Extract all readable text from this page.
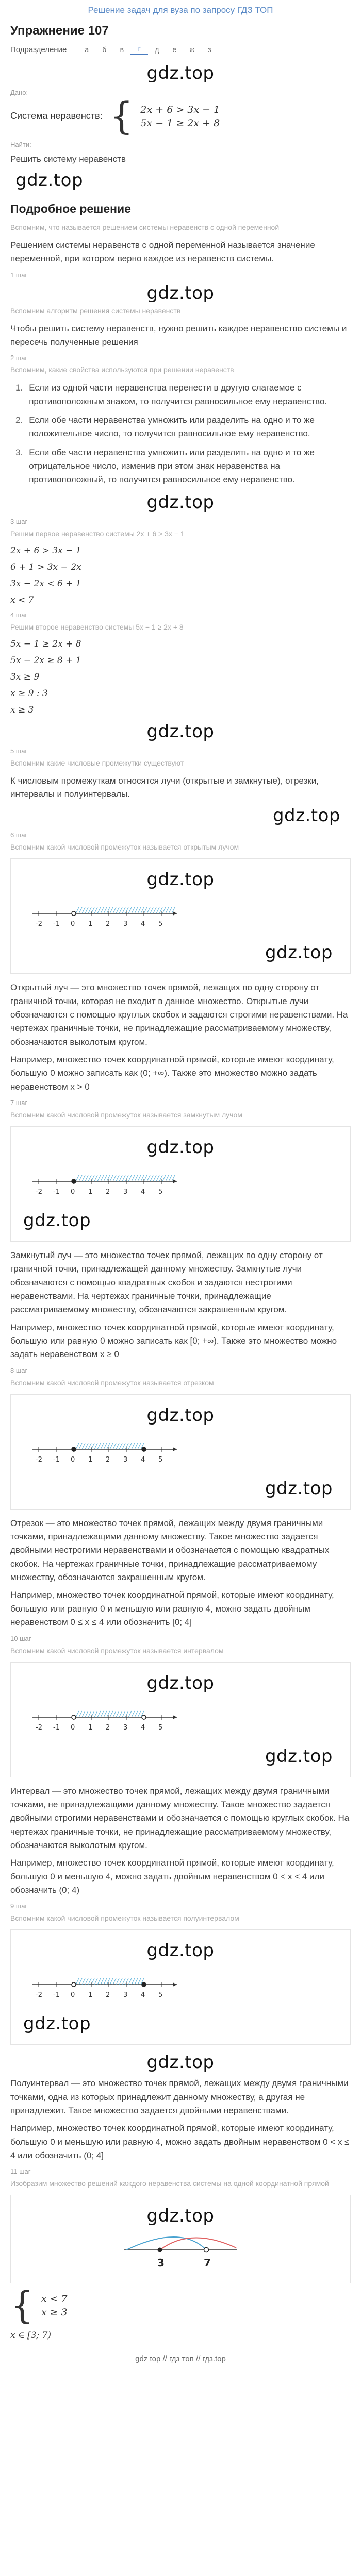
Решение задач для вуза по запросу ГДЗ ТОП
Упражнение 107
Подразделение	а	б	в	г	д	е	ж	з
gdz.top
Дано:
Система неравенств: { 2x + 6 > 3x − 1
5x − 1 ≥ 2x + 8
Найти:
Решить систему неравенств
gdz.top
Подробное решение
Вспомним, что называется решением системы неравенств с одной переменной
Решением системы неравенств с одной переменной называется значение переменной, при котором верно каждое из неравенств системы.
1 шаг
gdz.top
Вспомним алгоритм решения системы неравенств
Чтобы решить систему неравенств, нужно решить каждое неравенство системы и пересечь полученные решения
2 шаг
Вспомним, какие свойства используются при решении неравенств
1. Если из одной части неравенства перенести в другую слагаемое с противоположным знаком, то получится равносильное ему неравенство.
2. Если обе части неравенства умножить или разделить на одно и то же положительное число, то получится равносильное ему неравенство.
3. Если обе части неравенства умножить или разделить на одно и то же отрицательное число, изменив при этом знак неравенства на противоположный, то получится равносильное ему неравенство.
gdz.top
3 шаг
Решим первое неравенство системы 2x + 6 > 3x − 1
2x + 6 > 3x − 1
6 + 1 > 3x − 2x
3x − 2x < 6 + 1
x < 7
4 шаг
Решим второе неравенство системы 5x − 1 ≥ 2x + 8
5x − 1 ≥ 2x + 8
5x − 2x ≥ 8 + 1
3x ≥ 9
x ≥ 9 : 3
x ≥ 3
gdz.top
5 шаг
Вспомним какие числовые промежутки существуют
К числовым промежуткам относятся лучи (открытые и замкнутые), отрезки, интервалы и полуинтервалы.
gdz.top
6 шаг
Вспомним какой числовой промежуток называется открытым лучом
gdz.top
-2 -1 0 1 2 3 4 5
gdz.top
Открытый луч — это множество точек прямой, лежащих по одну сторону от граничной точки, которая не входит в данное множество. Открытые лучи обозначаются с помощью круглых скобок и задаются строгими неравенствами. На чертежах граничные точки, не принадлежащие рассматриваемому множеству, обозначаются выколотым кругом.
Например, множество точек координатной прямой, которые имеют координату, большую 0 можно записать как (0; +∞). Также это множество можно задать неравенством x > 0
7 шаг
Вспомним какой числовой промежуток называется замкнутым лучом
gdz.top
-2 -1 0 1 2 3 4 5
gdz.top
Замкнутый луч — это множество точек прямой, лежащих по одну сторону от граничной точки, принадлежащей данному множеству. Замкнутые лучи обозначаются с помощью квадратных скобок и задаются нестрогими неравенствами. На чертежах граничные точки, принадлежащие рассматриваемому множеству, обозначаются закрашенным кругом.
Например, множество точек координатной прямой, которые имеют координату, большую или равную 0 можно записать как [0; +∞). Также это множество можно задать неравенством x ≥ 0
8 шаг
Вспомним какой числовой промежуток называется отрезком
gdz.top
-2 -1 0 1 2 3 4 5
gdz.top
Отрезок — это множество точек прямой, лежащих между двумя граничными точками, принадлежащими данному множеству. Такое множество задается двойными нестрогими неравенствами и обозначается с помощью квадратных скобок. На чертежах граничные точки, принадлежащие рассматриваемому множеству, обозначаются закрашенным кругом.
Например, множество точек координатной прямой, которые имеют координату, большую или равную 0 и меньшую или равную 4, можно задать двойным неравенством 0 ≤ x ≤ 4 или обозначить [0; 4]
10 шаг
Вспомним какой числовой промежуток называется интервалом
gdz.top
-2 -1 0 1 2 3 4 5
gdz.top
Интервал — это множество точек прямой, лежащих между двумя граничными точками, не принадлежащими данному множеству. Такое множество задается двойными строгими неравенствами и обозначается с помощью круглых скобок. На чертежах граничные точки, не принадлежащие рассматриваемому множеству, обозначаются выколотым кругом.
Например, множество точек координатной прямой, которые имеют координату, большую 0 и меньшую 4, можно задать двойным неравенством 0 < x < 4 или обозначить (0; 4)
9 шаг
Вспомним какой числовой промежуток называется полуинтервалом
gdz.top
-2 -1 0 1 2 3 4 5
gdz.top
gdz.top
Полуинтервал — это множество точек прямой, лежащих между двумя граничными точками, одна из которых принадлежит данному множеству, а другая не принадлежит. Такое множество задается двойными неравенствами.
Например, множество точек координатной прямой, которые имеют координату, большую 0 и меньшую или равную 4, можно задать двойным неравенством 0 < x ≤ 4 или обозначить (0; 4]
11 шаг
Изобразим множество решений каждого неравенства системы на одной координатной прямой
gdz.top
3	7
{ x < 7
x ≥ 3
x ∈ [3; 7)
gdz top // гдз топ // гдз.top
